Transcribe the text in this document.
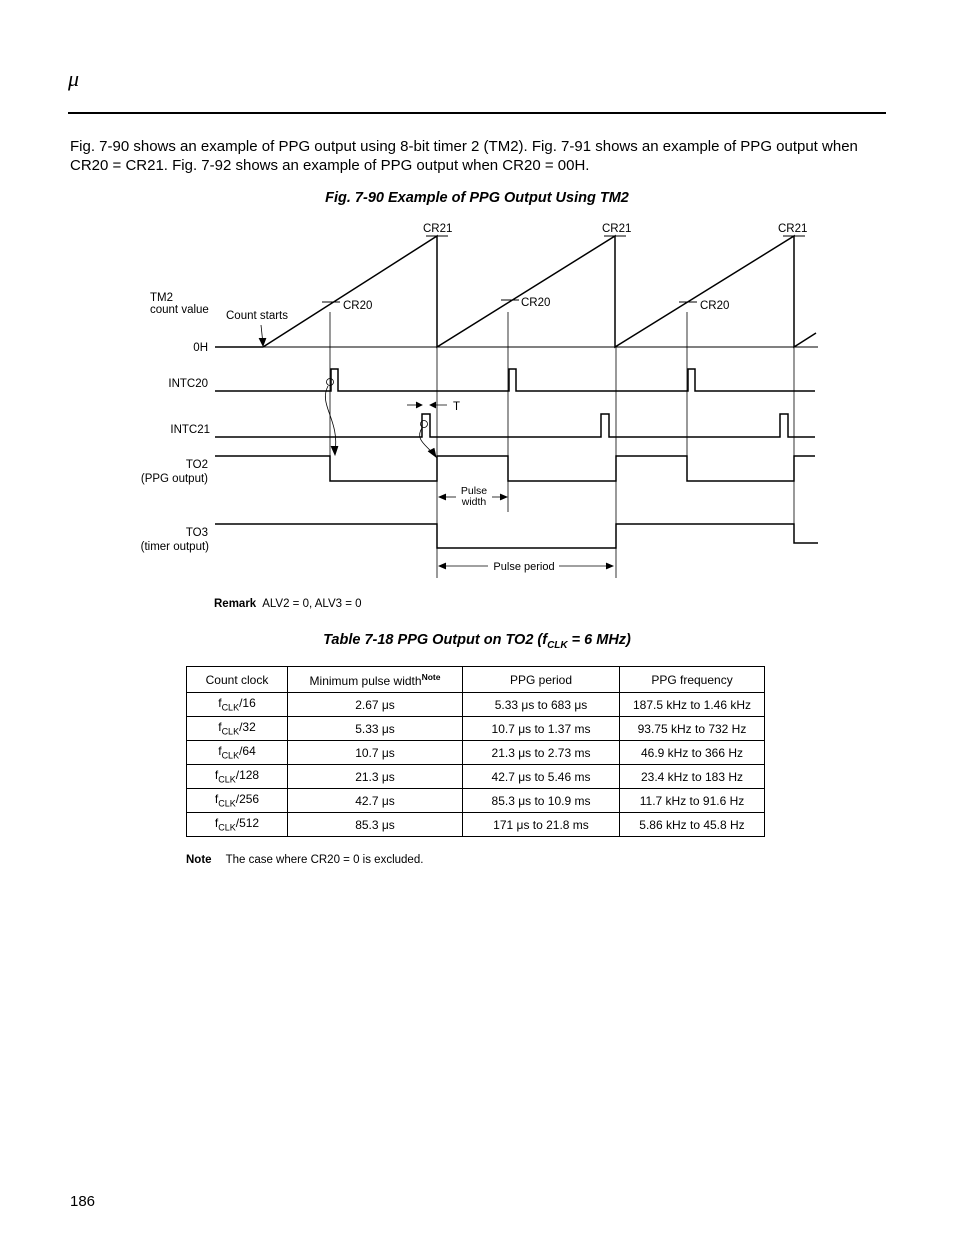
μ
Fig. 7-90 shows an example of PPG output using 8-bit timer 2 (TM2). Fig. 7-91 shows an example of PPG output when CR20 = CR21. Fig. 7-92 shows an example of PPG output when CR20 = 00H.
Fig. 7-90 Example of PPG Output Using TM2
CR21	CR21	CR21
CR20	CR20	CR20
TM2
count value Count starts
0H
INTC20
INTC21
TO2
(PPG output)
TO3
(timer output)
T
Pulse
width
Pulse period
Remark ALV2 = 0, ALV3 = 0
Table 7-18 PPG Output on TO2 ($f_{CLK} = 6$ MHz)
Count clock	Minimum pulse width$^{Note}$	PPG period	PPG frequency
$f_{CLK}/16$	2.67 μs	5.33 μs to 683 μs	187.5 kHz to 1.46 kHz
$f_{CLK}/32$	5.33 μs	10.7 μs to 1.37 ms	93.75 kHz to 732 Hz
$f_{CLK}/64$	10.7 μs	21.3 μs to 2.73 ms	46.9 kHz to 366 Hz
$f_{CLK}/128$	21.3 μs	42.7 μs to 5.46 ms	23.4 kHz to 183 Hz
$f_{CLK}/256$	42.7 μs	85.3 μs to 10.9 ms	11.7 kHz to 91.6 Hz
$f_{CLK}/512$	85.3 μs	171 μs to 21.8 ms	5.86 kHz to 45.8 Hz
Note The case where CR20 = 0 is excluded.
186
